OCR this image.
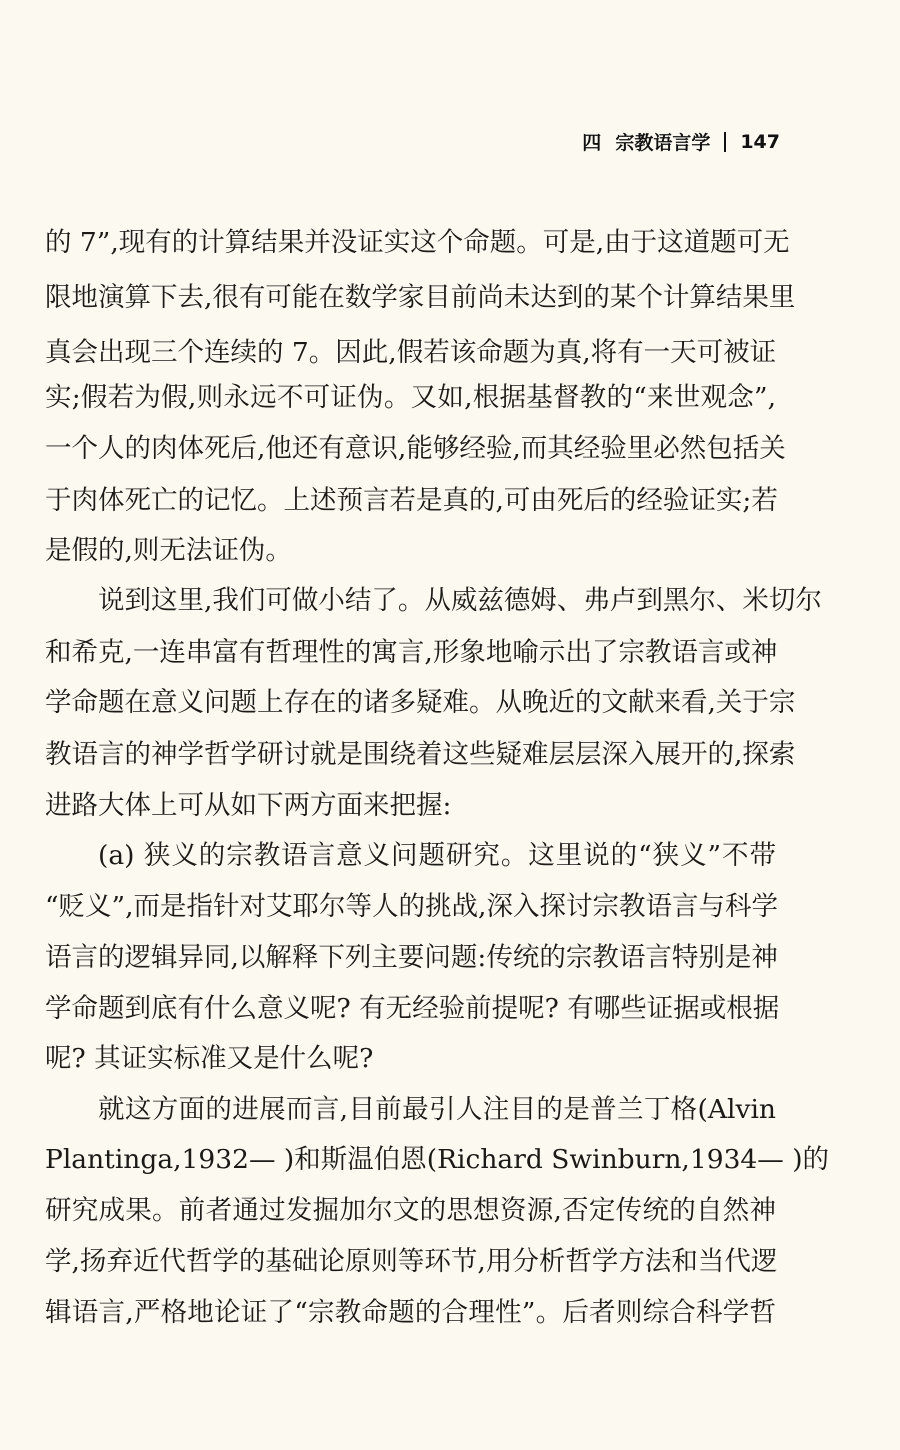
四 宗教语言学 147
的 7”,现有的计算结果并没证实这个命题。可是,由于这道题可无
限地演算下去,很有可能在数学家目前尚未达到的某个计算结果里
真会出现三个连续的 7。因此,假若该命题为真,将有一天可被证
实;假若为假,则永远不可证伪。又如,根据基督教的“来世观念”,
一个人的肉体死后,他还有意识,能够经验,而其经验里必然包括关
于肉体死亡的记忆。上述预言若是真的,可由死后的经验证实;若
是假的,则无法证伪。
说到这里,我们可做小结了。从威兹德姆、弗卢到黑尔、米切尔
和希克,一连串富有哲理性的寓言,形象地喻示出了宗教语言或神
学命题在意义问题上存在的诸多疑难。从晚近的文献来看,关于宗
教语言的神学哲学研讨就是围绕着这些疑难层层深入展开的,探索
进路大体上可从如下两方面来把握:
(a) 狭义的宗教语言意义问题研究。这里说的“狭义”不带
“贬义”,而是指针对艾耶尔等人的挑战,深入探讨宗教语言与科学
语言的逻辑异同,以解释下列主要问题:传统的宗教语言特别是神
学命题到底有什么意义呢? 有无经验前提呢? 有哪些证据或根据
呢? 其证实标准又是什么呢?
就这方面的进展而言,目前最引人注目的是普兰丁格(Alvin
Plantinga,1932— )和斯温伯恩(Richard Swinburn,1934— )的
研究成果。前者通过发掘加尔文的思想资源,否定传统的自然神
学,扬弃近代哲学的基础论原则等环节,用分析哲学方法和当代逻
辑语言,严格地论证了“宗教命题的合理性”。后者则综合科学哲
